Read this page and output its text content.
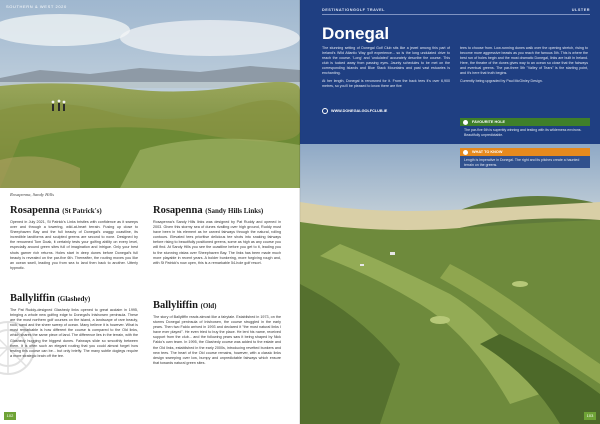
SOUTHERN & WEST 2020
Rosapenna, Sandy Hills
Rosapenna (St Patrick's)

Opened in July 2021, St Patrick's Links bristles with confidence as it sweeps over and through a towering, wild-at-heart terrain. Fusing up close to Sheephaven Bay and the full beauty of Donegal's craggy coastline, its incredible landforms and sculpted greens are second to none. Designed by the renowned Tom Doak, it certainly tests your golfing ability on every level, especially around green sites full of imagination and intrigue. Only your best shots garner rich returns. Holes start in deep dunes before Donegal's full beauty is revealed on the par-five 6th. Thereafter, the routing moves you like an ocean swell, leading you from sea to land then back to another. Utterly hypnotic.

Rosapenna (Sandy Hills Links)

Rosapenna's Sandy Hills links was designed by Pat Ruddy and opened in 2003. Given this stormy sea of dunes rivalling over high ground, Ruddy must have been in his element as he carved fairways through the natural, rolling contours. Elevated tees prioritise delicious tee shots into snaking fairways before rising to beautifully positioned greens, some as high as any course you will find. At Sandy Hills you see the coastline before you get to it, leading you to the stunning vistas over Sheephaven Bay. The links has been made much more playable in recent years. A bolder bunkering, more forgiving rough and, with St Patrick's now open, this is a remarkable 54-hole golf resort.

Ballyliffin (Glashedy)

The Pat Ruddy-designed Glashedy links opened to great acclaim in 1995, bringing a whole new golfing edge to Donegal's Inishowen peninsula. These are the most northern golf courses on the island, a landscape of rare beauty, rock, sand and the sheer sweep of ocean. Many believe it is however. What is most remarkable is how different the course is compared to the Old links, which shares the same piece of land. The difference lies in the terrain, with the Glashedy hugging the biggest dunes. Fairways slide so smoothly between them. It is often such an elegant routing that you could almost forget how testing this course can be... but only briefly. The many subtle doglegs require a more strategic brain off the tee.

Ballyliffin (Old)

The story of Ballyliffin reads almost like a fairytale. Established in 1973, on the storms Donegal peninsula of Inishowen, the course struggled in the early years. Then two Faldo arrived in 1993 and declared it "the most natural links I have ever played". He even tried to buy the place. He lent his name, received support from the club... and the following years saw it being shaped by Nick Faldo's own team. In 1995, the Glashedy course was added to the estate and the Old links, established in the early 2000s, introducing revetted bunkers and new tees. The heart of the Old course remains, however, with a classic links design sweeping over low, bumpy and unpredictable fairways which ensure that towards natural green sites.

102
DESTINATIONGOLF TRAVEL	ULSTER
Donegal

The stunning setting of Donegal Golf Club sits like a jewel among this part of Ireland's Wild Atlantic Way golf experience... so is the long undulated drive to reach the course. 'Long' and 'undulated' accurately describe the course. This club is tucked away from passing eyes. Jaunty schedules to be met on the corresponding Islands and Blue Stack Mountains and past vast estuaries is enchanting.

At her length, Donegal is renowned for it. From the back tees it's over 6,900 metres, so you'll be pleased to know there are five

tees to choose from. Low-running dunes walk over the opening stretch, rising to become more aggressive beasts as you reach the famous 5th. This is where the best run of holes begin and the most dramatic Donegal, links are built in Ireland. Here, the theatre of the dunes gives way to an ocean so close that the fairways and eventual greens. The par-three 5th "Valley of Tears" is the starting point, and it's here that truth begins.

Currently being upgraded by Paul McGinley Design.

WWW.DONEGALGOLFCLUB.IE
FAVOURITE HOLE
The par-five 6th is superbly winning and testing with its wilderness environs. Beautifully unpredictable.
WHAT TO KNOW
Length is imperative in Donegal. The right and its pitches create a haunted terrain on the greens.
103
